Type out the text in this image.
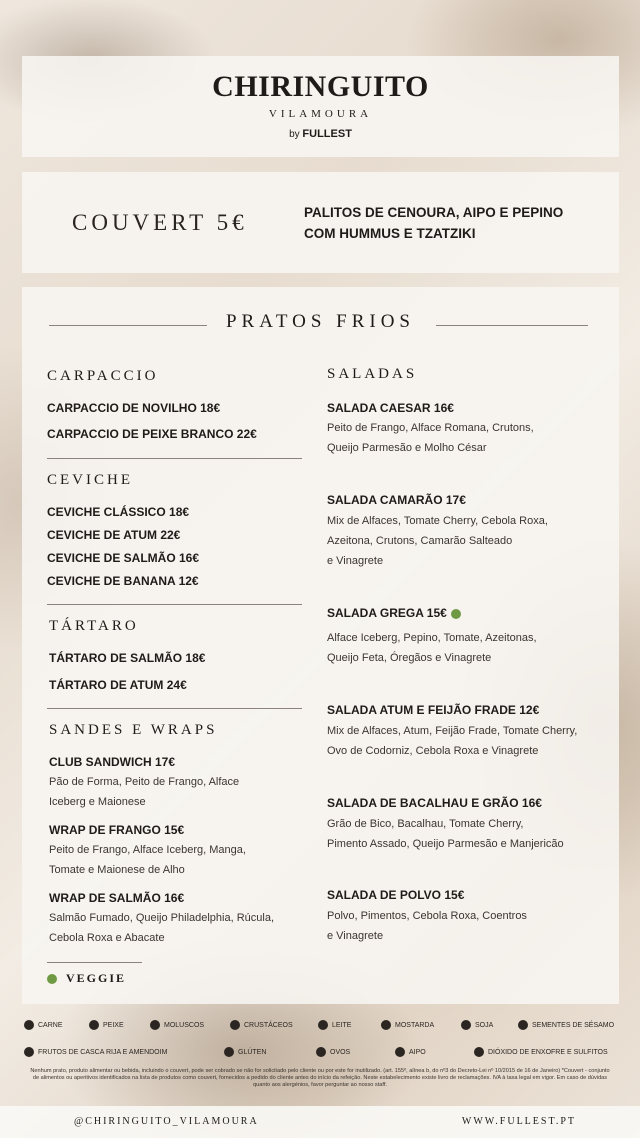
CHIRINGUITO
VILAMOURA
by FULLEST
COUVERT 5€	PALITOS DE CENOURA, AIPO E PEPINO
COM HUMMUS E TZATZIKI
PRATOS FRIOS
CARPACCIO
CARPACCIO DE NOVILHO 18€
CARPACCIO DE PEIXE BRANCO 22€
CEVICHE
CEVICHE CLÁSSICO 18€
CEVICHE DE ATUM 22€
CEVICHE DE SALMÃO 16€
CEVICHE DE BANANA 12€
TÁRTARO
TÁRTARO DE SALMÃO 18€
TÁRTARO DE ATUM 24€
SANDES E WRAPS
CLUB SANDWICH 17€
Pão de Forma, Peito de Frango, Alface
Iceberg e Maionese
WRAP DE FRANGO 15€
Peito de Frango, Alface Iceberg, Manga,
Tomate e Maionese de Alho
WRAP DE SALMÃO 16€
Salmão Fumado, Queijo Philadelphia, Rúcula,
Cebola Roxa e Abacate
VEGGIE
SALADAS
SALADA CAESAR 16€
Peito de Frango, Alface Romana, Crutons,
Queijo Parmesão e Molho César
SALADA CAMARÃO 17€
Mix de Alfaces, Tomate Cherry, Cebola Roxa,
Azeitona, Crutons, Camarão Salteado
e Vinagrete
SALADA GREGA 15€
Alface Iceberg, Pepino, Tomate, Azeitonas,
Queijo Feta, Óregãos e Vinagrete
SALADA ATUM E FEIJÃO FRADE 12€
Mix de Alfaces, Atum, Feijão Frade, Tomate Cherry,
Ovo de Codorniz, Cebola Roxa e Vinagrete
SALADA DE BACALHAU E GRÃO 16€
Grão de Bico, Bacalhau, Tomate Cherry,
Pimento Assado, Queijo Parmesão e Manjericão
SALADA DE POLVO 15€
Polvo, Pimentos, Cebola Roxa, Coentros
e Vinagrete
CARNE	PEIXE	MOLUSCOS	CRUSTÁCEOS	LEITE	MOSTARDA	SOJA	SEMENTES DE SÉSAMO
FRUTOS DE CASCA RIJA E AMENDOIM	GLÚTEN	OVOS	AIPO	DIÓXIDO DE ENXOFRE E SULFITOS
Nenhum prato, produto alimentar ou bebida, incluindo o couvert, pode ser cobrado se não for solicitado pelo cliente ou por este for inutilizado. (art. 155º, alínea b, do nº3 do Decreto-Lei nº 10/2015 de 16 de Janeiro) *Couvert - conjunto de alimentos ou aperitivos identificados na lista de produtos como couvert, fornecidos a pedido do cliente antes do início da refeição. Neste estabelecimento existe livro de reclamações. IVA à taxa legal em vigor. Em caso de dúvidas quanto aos alergénios, favor perguntar ao nosso staff.
@CHIRINGUITO_VILAMOURA	WWW.FULLEST.PT
